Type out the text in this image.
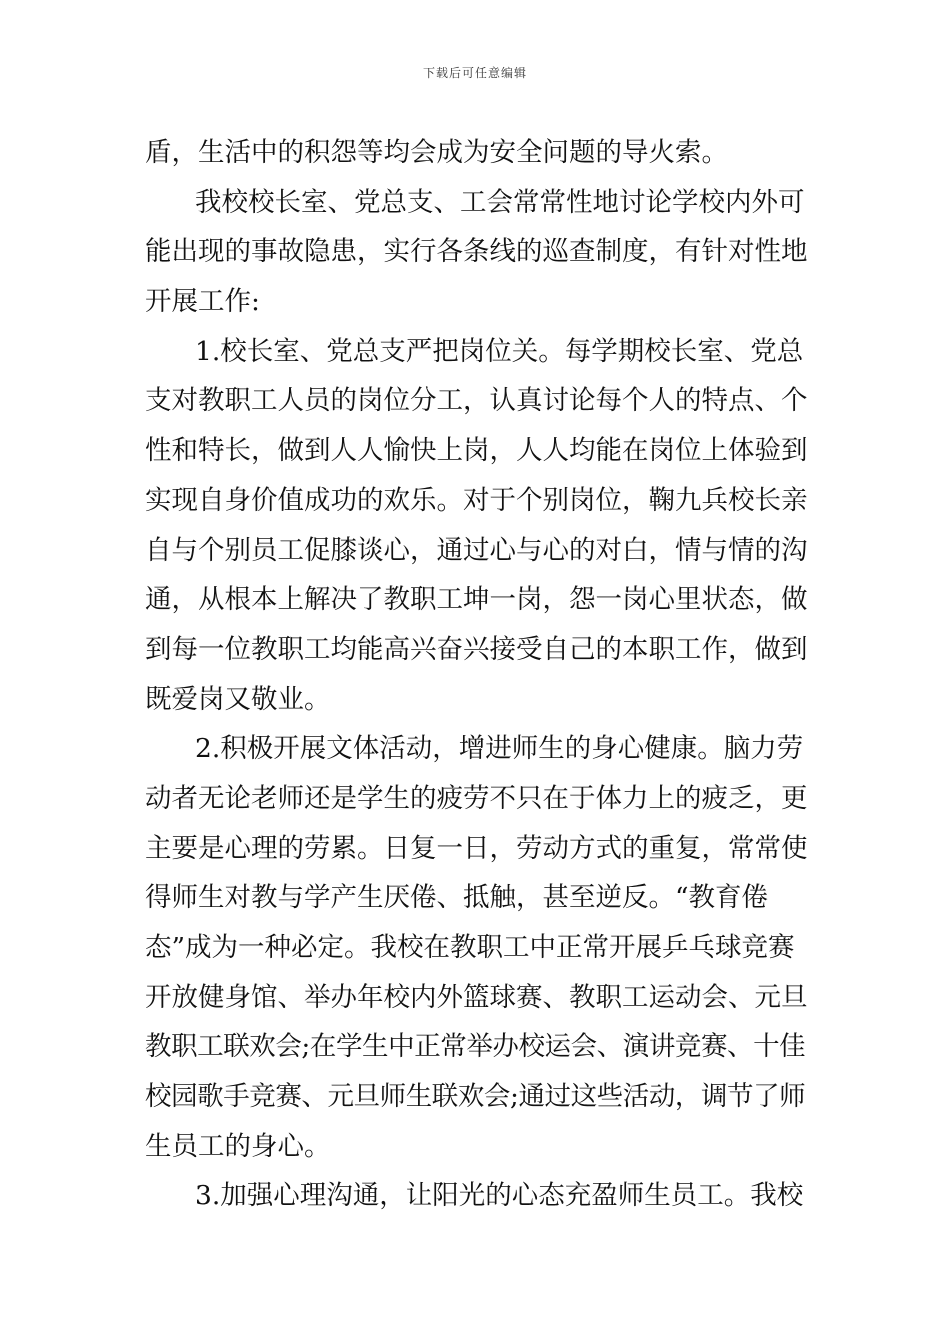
下载后可任意编辑
盾，生活中的积怨等均会成为安全问题的导火索。
我校校长室、党总支、工会常常性地讨论学校内外可
能出现的事故隐患，实行各条线的巡查制度，有针对性地
开展工作:
1.校长室、党总支严把岗位关。每学期校长室、党总
支对教职工人员的岗位分工，认真讨论每个人的特点、个
性和特长，做到人人愉快上岗，人人均能在岗位上体验到
实现自身价值成功的欢乐。对于个别岗位，鞠九兵校长亲
自与个别员工促膝谈心，通过心与心的对白，情与情的沟
通，从根本上解决了教职工坤一岗，怨一岗心里状态，做
到每一位教职工均能高兴奋兴接受自己的本职工作，做到
既爱岗又敬业。
2.积极开展文体活动，增进师生的身心健康。脑力劳
动者无论老师还是学生的疲劳不只在于体力上的疲乏，更
主要是心理的劳累。日复一日，劳动方式的重复，常常使
得师生对教与学产生厌倦、抵触，甚至逆反。“教育倦
态”成为一种必定。我校在教职工中正常开展乒乓球竞赛
开放健身馆、举办年校内外篮球赛、教职工运动会、元旦
教职工联欢会;在学生中正常举办校运会、演讲竞赛、十佳
校园歌手竞赛、元旦师生联欢会;通过这些活动，调节了师
生员工的身心。
3.加强心理沟通，让阳光的心态充盈师生员工。我校
